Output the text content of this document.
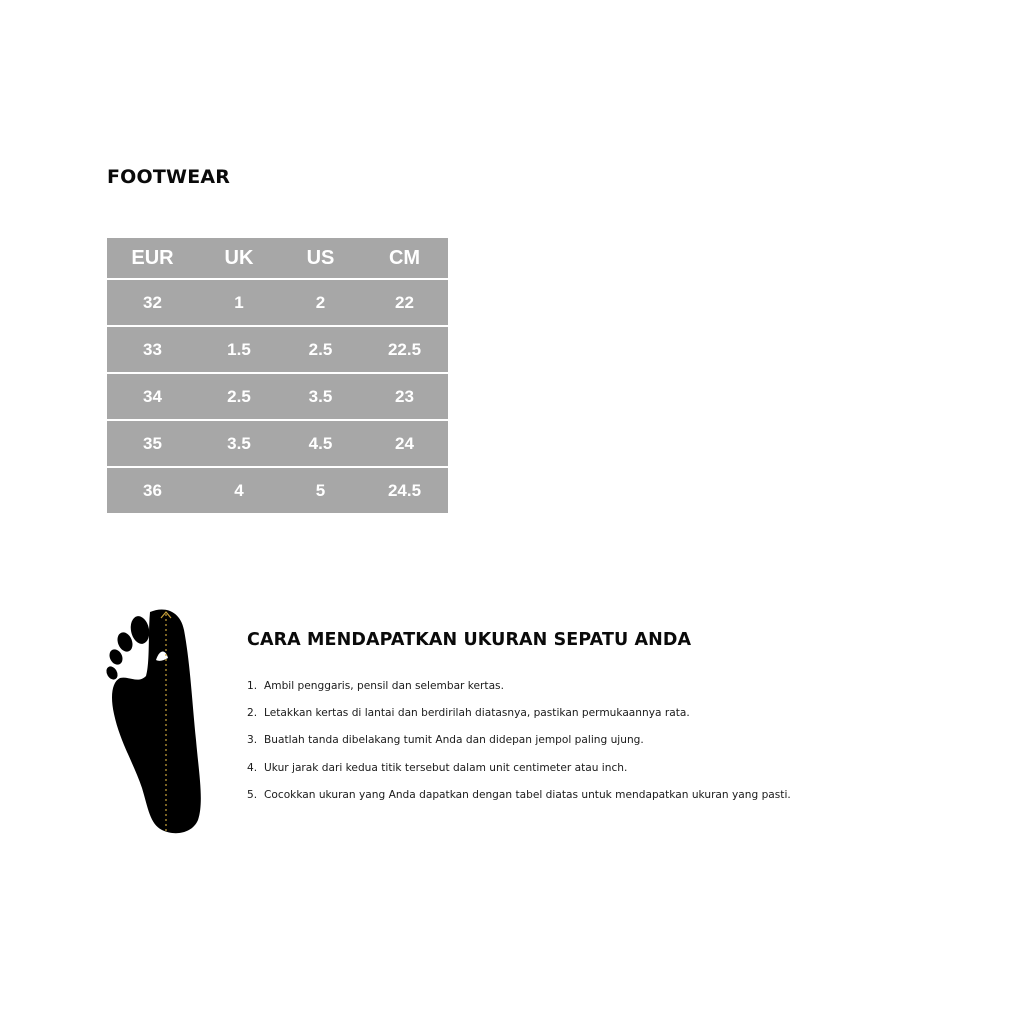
FOOTWEAR
EUR	UK	US	CM
32	1	2	22
33	1.5	2.5	22.5
34	2.5	3.5	23
35	3.5	4.5	24
36	4	5	24.5
CARA MENDAPATKAN UKURAN SEPATU ANDA
1. Ambil penggaris, pensil dan selembar kertas.
2. Letakkan kertas di lantai dan berdirilah diatasnya, pastikan permukaannya rata.
3. Buatlah tanda dibelakang tumit Anda dan didepan jempol paling ujung.
4. Ukur jarak dari kedua titik tersebut dalam unit centimeter atau inch.
5. Cocokkan ukuran yang Anda dapatkan dengan tabel diatas untuk mendapatkan ukuran yang pasti.
